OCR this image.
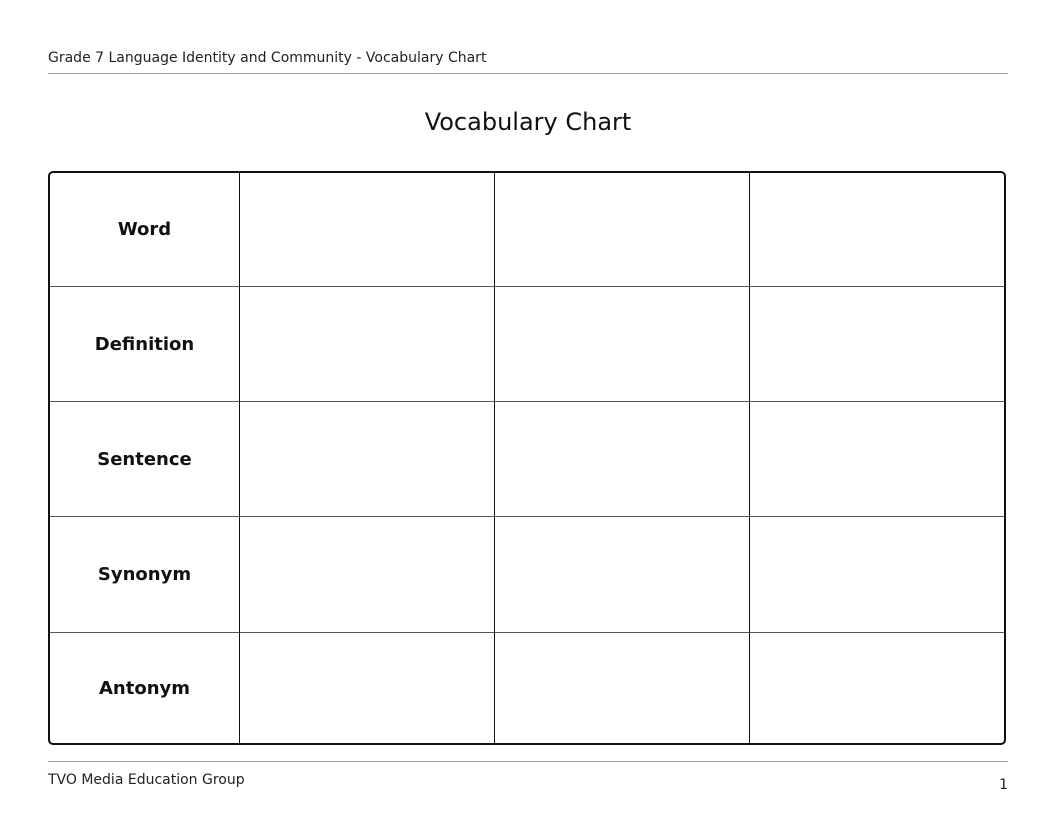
Grade 7 Language Identity and Community - Vocabulary Chart
Vocabulary Chart
Word			
Definition			
Sentence			
Synonym			
Antonym			
TVO Media Education Group	1
